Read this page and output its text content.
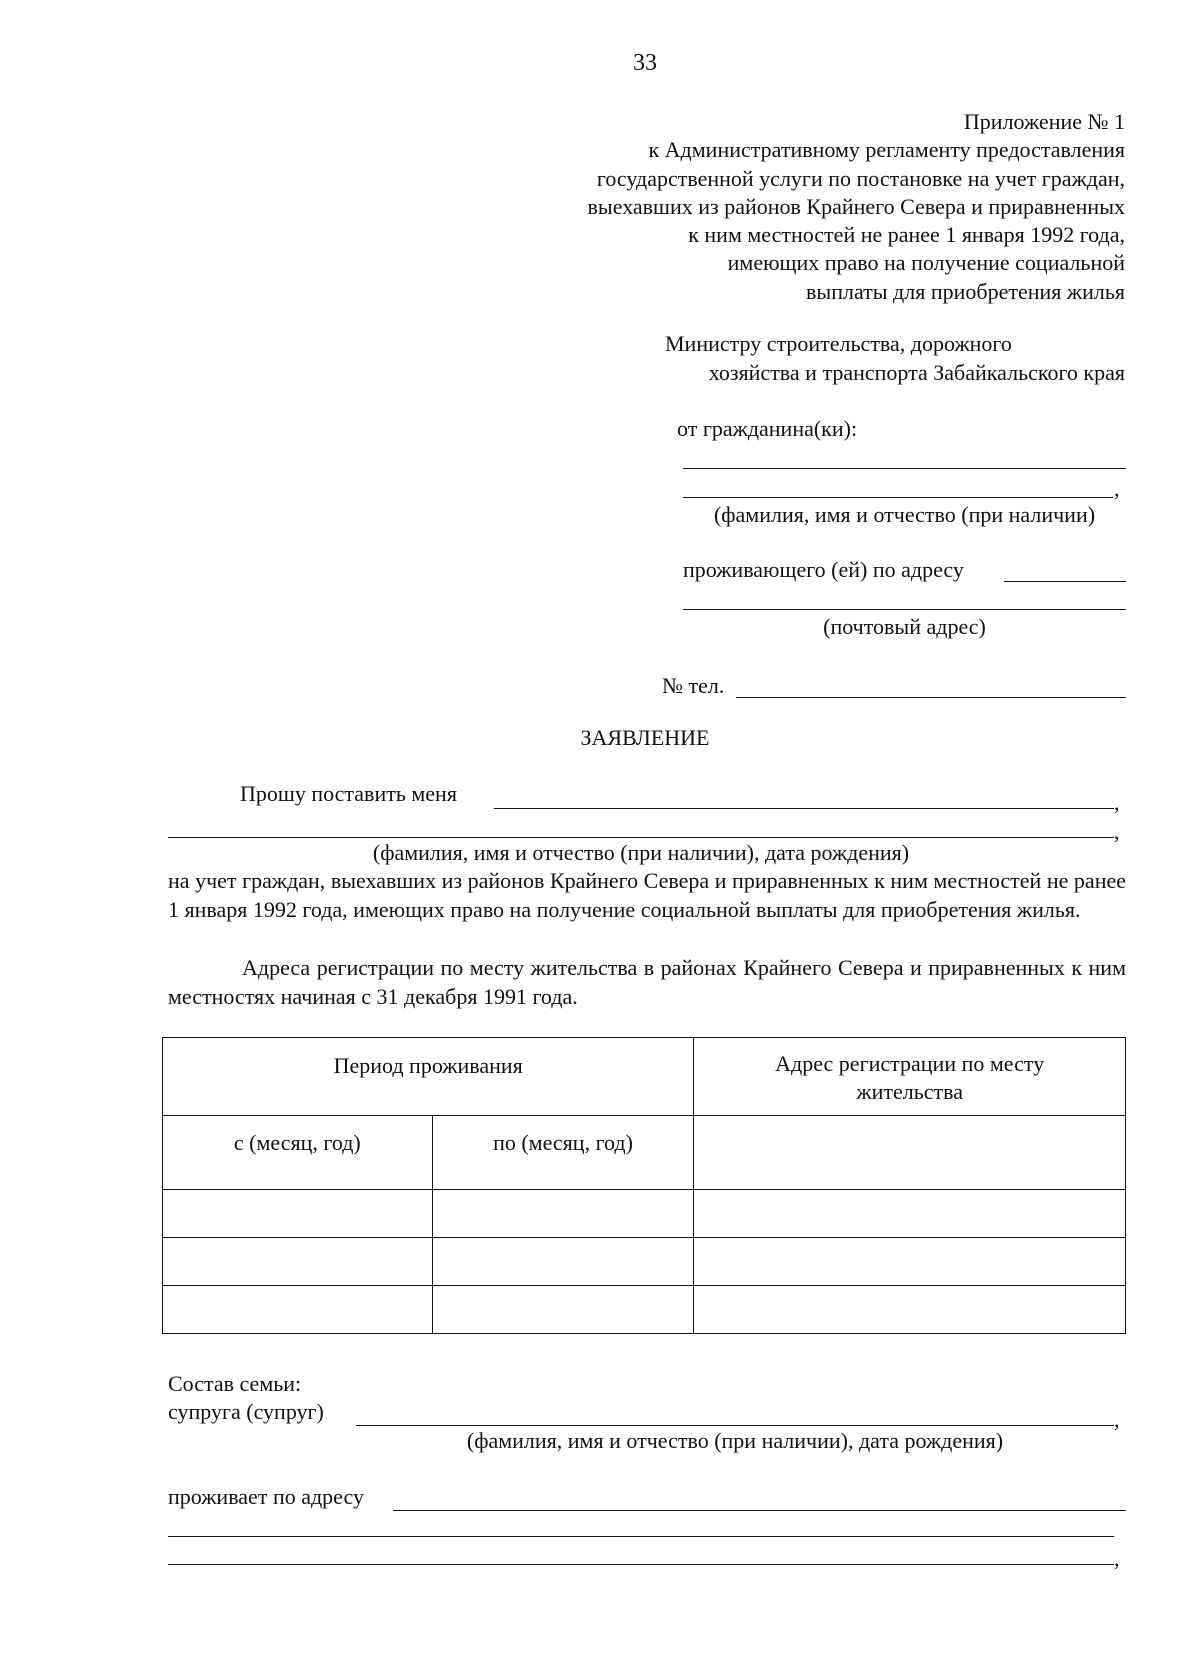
33
Приложение № 1
к Административному регламенту предоставления
государственной услуги по постановке на учет граждан,
выехавших из районов Крайнего Севера и приравненных
к ним местностей не ранее 1 января 1992 года,
имеющих право на получение социальной
выплаты для приобретения жилья
Министру строительства, дорожного
хозяйства и транспорта Забайкальского края
от гражданина(ки):
,
(фамилия, имя и отчество (при наличии)
проживающего (ей) по адресу
(почтовый адрес)
№ тел.
ЗАЯВЛЕНИЕ
Прошу поставить меня	,
,
(фамилия, имя и отчество (при наличии), дата рождения)
на учет граждан, выехавших из районов Крайнего Севера и приравненных к ним местностей не ранее 1 января 1992 года, имеющих право на получение социальной выплаты для приобретения жилья.
Адреса регистрации по месту жительства в районах Крайнего Севера и приравненных к ним местностях начиная с 31 декабря 1991 года.
Период проживания		Адрес регистрации по месту жительства
с (месяц, год)	по (месяц, год)	

Состав семьи:
супруга (супруг)	,
(фамилия, имя и отчество (при наличии), дата рождения)
проживает по адресу
,
